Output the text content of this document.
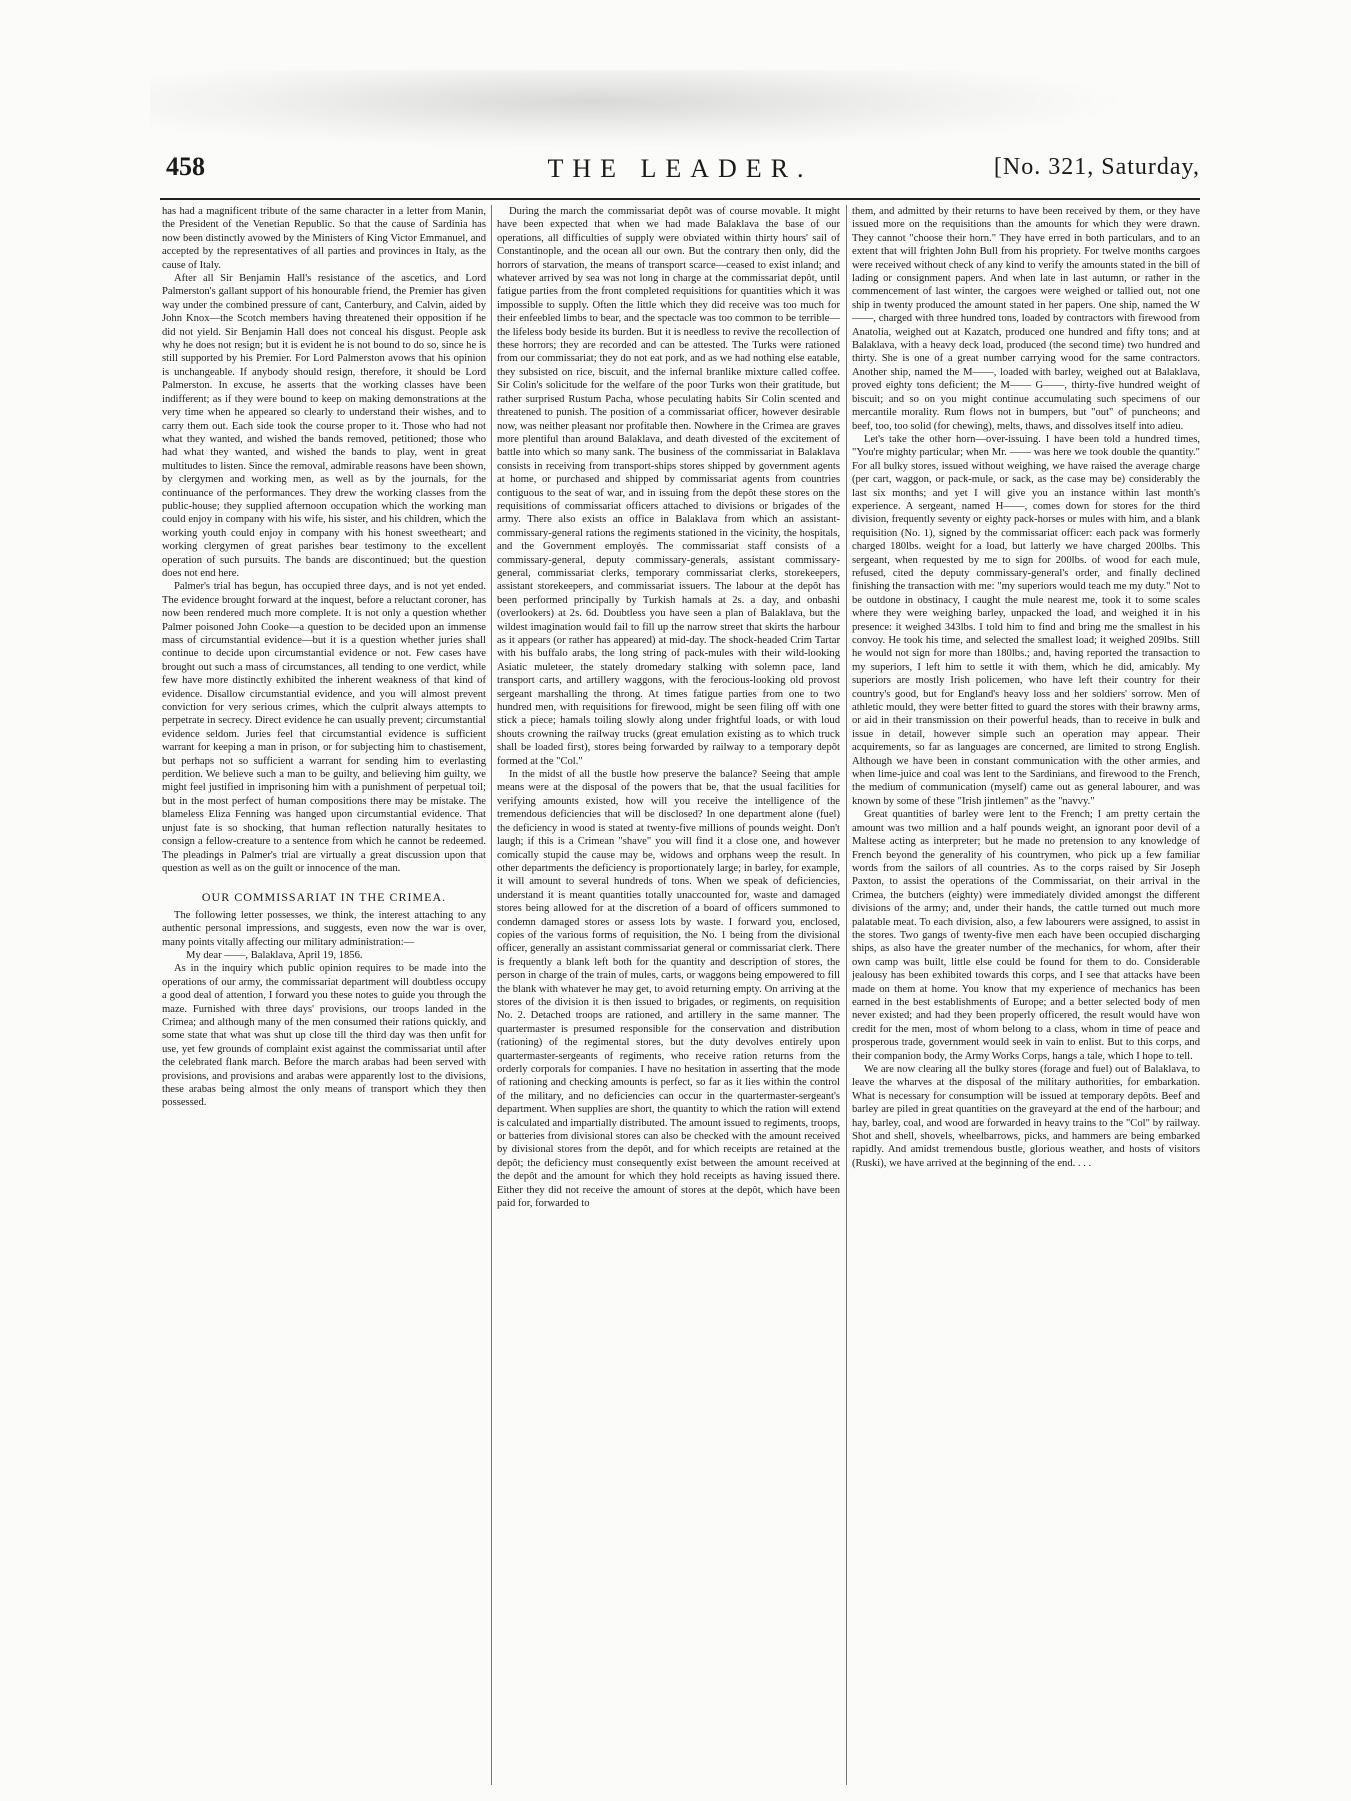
458	THE LEADER.	[No. 321, Saturday,

has had a magnificent tribute of the same character in a letter from Manin, the President of the Venetian Republic. So that the cause of Sardinia has now been distinctly avowed by the Ministers of King Victor Emmanuel, and accepted by the representatives of all parties and provinces in Italy, as the cause of Italy.

After all Sir Benjamin Hall's resistance of the ascetics, and Lord Palmerston's gallant support of his honourable friend, the Premier has given way under the combined pressure of cant, Canterbury, and Calvin, aided by John Knox—the Scotch members having threatened their opposition if he did not yield. Sir Benjamin Hall does not conceal his disgust. People ask why he does not resign; but it is evident he is not bound to do so, since he is still supported by his Premier. For Lord Palmerston avows that his opinion is unchangeable. If anybody should resign, therefore, it should be Lord Palmerston. In excuse, he asserts that the working classes have been indifferent; as if they were bound to keep on making demonstrations at the very time when he appeared so clearly to understand their wishes, and to carry them out. Each side took the course proper to it. Those who had not what they wanted, and wished the bands removed, petitioned; those who had what they wanted, and wished the bands to play, went in great multitudes to listen. Since the removal, admirable reasons have been shown, by clergymen and working men, as well as by the journals, for the continuance of the performances. They drew the working classes from the public-house; they supplied afternoon occupation which the working man could enjoy in company with his wife, his sister, and his children, which the working youth could enjoy in company with his honest sweetheart; and working clergymen of great parishes bear testimony to the excellent operation of such pursuits. The bands are discontinued; but the question does not end here.

Palmer's trial has begun, has occupied three days, and is not yet ended. The evidence brought forward at the inquest, before a reluctant coroner, has now been rendered much more complete. It is not only a question whether Palmer poisoned John Cooke—a question to be decided upon an immense mass of circumstantial evidence—but it is a question whether juries shall continue to decide upon circumstantial evidence or not. Few cases have brought out such a mass of circumstances, all tending to one verdict, while few have more distinctly exhibited the inherent weakness of that kind of evidence. Disallow circumstantial evidence, and you will almost prevent conviction for very serious crimes, which the culprit always attempts to perpetrate in secrecy. Direct evidence he can usually prevent; circumstantial evidence seldom. Juries feel that circumstantial evidence is sufficient warrant for keeping a man in prison, or for subjecting him to chastisement, but perhaps not so sufficient a warrant for sending him to everlasting perdition. We believe such a man to be guilty, and believing him guilty, we might feel justified in imprisoning him with a punishment of perpetual toil; but in the most perfect of human compositions there may be mistake. The blameless Eliza Fenning was hanged upon circumstantial evidence. That unjust fate is so shocking, that human reflection naturally hesitates to consign a fellow-creature to a sentence from which he cannot be redeemed. The pleadings in Palmer's trial are virtually a great discussion upon that question as well as on the guilt or innocence of the man.

OUR COMMISSARIAT IN THE CRIMEA.

The following letter possesses, we think, the interest attaching to any authentic personal impressions, and suggests, even now the war is over, many points vitally affecting our military administration:—

My dear ——, Balaklava, April 19, 1856.

As in the inquiry which public opinion requires to be made into the operations of our army, the commissariat department will doubtless occupy a good deal of attention, I forward you these notes to guide you through the maze. Furnished with three days' provisions, our troops landed in the Crimea; and although many of the men consumed their rations quickly, and some state that what was shut up close till the third day was then unfit for use, yet few grounds of complaint exist against the commissariat until after the celebrated flank march. Before the march arabas had been served with provisions, and provisions and arabas were apparently lost to the divisions, these arabas being almost the only means of transport which they then possessed.

During the march the commissariat depôt was of course movable. It might have been expected that when we had made Balaklava the base of our operations, all difficulties of supply were obviated within thirty hours' sail of Constantinople, and the ocean all our own. But the contrary then only, did the horrors of starvation, the means of transport scarce—ceased to exist inland; and whatever arrived by sea was not long in charge at the commissariat depôt, until fatigue parties from the front completed requisitions for quantities which it was impossible to supply. Often the little which they did receive was too much for their enfeebled limbs to bear, and the spectacle was too common to be terrible—the lifeless body beside its burden. But it is needless to revive the recollection of these horrors; they are recorded and can be attested. The Turks were rationed from our commissariat; they do not eat pork, and as we had nothing else eatable, they subsisted on rice, biscuit, and the infernal branlike mixture called coffee. Sir Colin's solicitude for the welfare of the poor Turks won their gratitude, but rather surprised Rustum Pacha, whose peculating habits Sir Colin scented and threatened to punish. The position of a commissariat officer, however desirable now, was neither pleasant nor profitable then. Nowhere in the Crimea are graves more plentiful than around Balaklava, and death divested of the excitement of battle into which so many sank. The business of the commissariat in Balaklava consists in receiving from transport-ships stores shipped by government agents at home, or purchased and shipped by commissariat agents from countries contiguous to the seat of war, and in issuing from the depôt these stores on the requisitions of commissariat officers attached to divisions or brigades of the army. There also exists an office in Balaklava from which an assistant-commissary-general rations the regiments stationed in the vicinity, the hospitals, and the Government employés. The commissariat staff consists of a commissary-general, deputy commissary-generals, assistant commissary-general, commissariat clerks, temporary commissariat clerks, storekeepers, assistant storekeepers, and commissariat issuers. The labour at the depôt has been performed principally by Turkish hamals at 2s. a day, and onbashi (overlookers) at 2s. 6d. Doubtless you have seen a plan of Balaklava, but the wildest imagination would fail to fill up the narrow street that skirts the harbour as it appears (or rather has appeared) at mid-day. The shock-headed Crim Tartar with his buffalo arabs, the long string of pack-mules with their wild-looking Asiatic muleteer, the stately dromedary stalking with solemn pace, land transport carts, and artillery waggons, with the ferocious-looking old provost sergeant marshalling the throng. At times fatigue parties from one to two hundred men, with requisitions for firewood, might be seen filing off with one stick a piece; hamals toiling slowly along under frightful loads, or with loud shouts crowning the railway trucks (great emulation existing as to which truck shall be loaded first), stores being forwarded by railway to a temporary depôt formed at the "Col."

In the midst of all the bustle how preserve the balance? Seeing that ample means were at the disposal of the powers that be, that the usual facilities for verifying amounts existed, how will you receive the intelligence of the tremendous deficiencies that will be disclosed? In one department alone (fuel) the deficiency in wood is stated at twenty-five millions of pounds weight. Don't laugh; if this is a Crimean "shave" you will find it a close one, and however comically stupid the cause may be, widows and orphans weep the result. In other departments the deficiency is proportionately large; in barley, for example, it will amount to several hundreds of tons. When we speak of deficiencies, understand it is meant quantities totally unaccounted for, waste and damaged stores being allowed for at the discretion of a board of officers summoned to condemn damaged stores or assess lots by waste. I forward you, enclosed, copies of the various forms of requisition, the No. 1 being from the divisional officer, generally an assistant commissariat general or commissariat clerk. There is frequently a blank left both for the quantity and description of stores, the person in charge of the train of mules, carts, or waggons being empowered to fill the blank with whatever he may get, to avoid returning empty. On arriving at the stores of the division it is then issued to brigades, or regiments, on requisition No. 2. Detached troops are rationed, and artillery in the same manner. The quartermaster is presumed responsible for the conservation and distribution (rationing) of the regimental stores, but the duty devolves entirely upon quartermaster-sergeants of regiments, who receive ration returns from the orderly corporals for companies. I have no hesitation in asserting that the mode of rationing and checking amounts is perfect, so far as it lies within the control of the military, and no deficiencies can occur in the quartermaster-sergeant's department. When supplies are short, the quantity to which the ration will extend is calculated and impartially distributed. The amount issued to regiments, troops, or batteries from divisional stores can also be checked with the amount received by divisional stores from the depôt, and for which receipts are retained at the depôt; the deficiency must consequently exist between the amount received at the depôt and the amount for which they hold receipts as having issued there. Either they did not receive the amount of stores at the depôt, which have been paid for, forwarded to

them, and admitted by their returns to have been received by them, or they have issued more on the requisitions than the amounts for which they were drawn. They cannot "choose their horn." They have erred in both particulars, and to an extent that will frighten John Bull from his propriety. For twelve months cargoes were received without check of any kind to verify the amounts stated in the bill of lading or consignment papers. And when late in last autumn, or rather in the commencement of last winter, the cargoes were weighed or tallied out, not one ship in twenty produced the amount stated in her papers. One ship, named the W——, charged with three hundred tons, loaded by contractors with firewood from Anatolia, weighed out at Kazatch, produced one hundred and fifty tons; and at Balaklava, with a heavy deck load, produced (the second time) two hundred and thirty. She is one of a great number carrying wood for the same contractors. Another ship, named the M——, loaded with barley, weighed out at Balaklava, proved eighty tons deficient; the M—— G——, thirty-five hundred weight of biscuit; and so on you might continue accumulating such specimens of our mercantile morality. Rum flows not in bumpers, but "out" of puncheons; and beef, too, too solid (for chewing), melts, thaws, and dissolves itself into adieu.

Let's take the other horn—over-issuing. I have been told a hundred times, "You're mighty particular; when Mr. —— was here we took double the quantity." For all bulky stores, issued without weighing, we have raised the average charge (per cart, waggon, or pack-mule, or sack, as the case may be) considerably the last six months; and yet I will give you an instance within last month's experience. A sergeant, named H——, comes down for stores for the third division, frequently seventy or eighty pack-horses or mules with him, and a blank requisition (No. 1), signed by the commissariat officer: each pack was formerly charged 180lbs. weight for a load, but latterly we have charged 200lbs. This sergeant, when requested by me to sign for 200lbs. of wood for each mule, refused, cited the deputy commissary-general's order, and finally declined finishing the transaction with me: "my superiors would teach me my duty." Not to be outdone in obstinacy, I caught the mule nearest me, took it to some scales where they were weighing barley, unpacked the load, and weighed it in his presence: it weighed 343lbs. I told him to find and bring me the smallest in his convoy. He took his time, and selected the smallest load; it weighed 209lbs. Still he would not sign for more than 180lbs.; and, having reported the transaction to my superiors, I left him to settle it with them, which he did, amicably. My superiors are mostly Irish policemen, who have left their country for their country's good, but for England's heavy loss and her soldiers' sorrow. Men of athletic mould, they were better fitted to guard the stores with their brawny arms, or aid in their transmission on their powerful heads, than to receive in bulk and issue in detail, however simple such an operation may appear. Their acquirements, so far as languages are concerned, are limited to strong English. Although we have been in constant communication with the other armies, and when lime-juice and coal was lent to the Sardinians, and firewood to the French, the medium of communication (myself) came out as general labourer, and was known by some of these "Irish jintlemen" as the "navvy."

Great quantities of barley were lent to the French; I am pretty certain the amount was two million and a half pounds weight, an ignorant poor devil of a Maltese acting as interpreter; but he made no pretension to any knowledge of French beyond the generality of his countrymen, who pick up a few familiar words from the sailors of all countries. As to the corps raised by Sir Joseph Paxton, to assist the operations of the Commissariat, on their arrival in the Crimea, the butchers (eighty) were immediately divided amongst the different divisions of the army; and, under their hands, the cattle turned out much more palatable meat. To each division, also, a few labourers were assigned, to assist in the stores. Two gangs of twenty-five men each have been occupied discharging ships, as also have the greater number of the mechanics, for whom, after their own camp was built, little else could be found for them to do. Considerable jealousy has been exhibited towards this corps, and I see that attacks have been made on them at home. You know that my experience of mechanics has been earned in the best establishments of Europe; and a better selected body of men never existed; and had they been properly officered, the result would have won credit for the men, most of whom belong to a class, whom in time of peace and prosperous trade, government would seek in vain to enlist. But to this corps, and their companion body, the Army Works Corps, hangs a tale, which I hope to tell.

We are now clearing all the bulky stores (forage and fuel) out of Balaklava, to leave the wharves at the disposal of the military authorities, for embarkation. What is necessary for consumption will be issued at temporary depôts. Beef and barley are piled in great quantities on the graveyard at the end of the harbour; and hay, barley, coal, and wood are forwarded in heavy trains to the "Col" by railway. Shot and shell, shovels, wheelbarrows, picks, and hammers are being embarked rapidly. And amidst tremendous bustle, glorious weather, and hosts of visitors (Ruski), we have arrived at the beginning of the end. . . .
